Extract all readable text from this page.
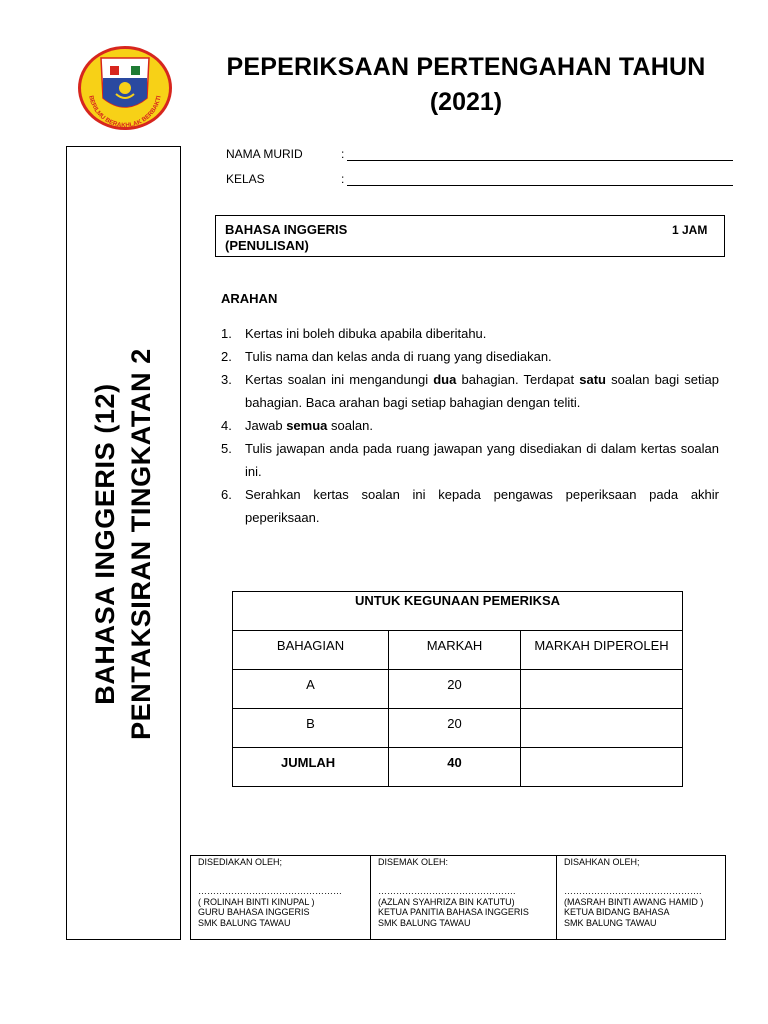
BERILMU BERAKHLAK BERBAKTI
PEPERIKSAAN PERTENGAHAN TAHUN
(2021)
NAMA MURID	:
KELAS	:
BAHASA INGGERIS
(PENULISAN)
1 JAM
BAHASA INGGERIS (12) PENTAKSIRAN TINGKATAN 2
ARAHAN
1. Kertas ini boleh dibuka apabila diberitahu.
2. Tulis nama dan kelas anda di ruang yang disediakan.
3. Kertas soalan ini mengandungi dua bahagian. Terdapat satu soalan bagi setiap bahagian. Baca arahan bagi setiap bahagian dengan teliti.
4. Jawab semua soalan.
5. Tulis jawapan anda pada ruang jawapan yang disediakan di dalam kertas soalan ini.
6. Serahkan kertas soalan ini kepada pengawas peperiksaan pada akhir peperiksaan.
UNTUK KEGUNAAN PEMERIKSA		

BAHAGIAN	MARKAH	MARKAH DIPEROLEH

A	20	

B	20	

JUMLAH	40	

DISEDIAKAN OLEH;
…………………………………………
( ROLINAH BINTI KINUPAL )
GURU BAHASA INGGERIS
SMK BALUNG TAWAU

DISEMAK OLEH:
……………………………………….
(AZLAN SYAHRIZA BIN KATUTU)
KETUA PANITIA BAHASA INGGERIS
SMK BALUNG TAWAU

DISAHKAN OLEH;
……………………………………….
(MASRAH BINTI AWANG HAMID )
KETUA BIDANG BAHASA
SMK BALUNG TAWAU
